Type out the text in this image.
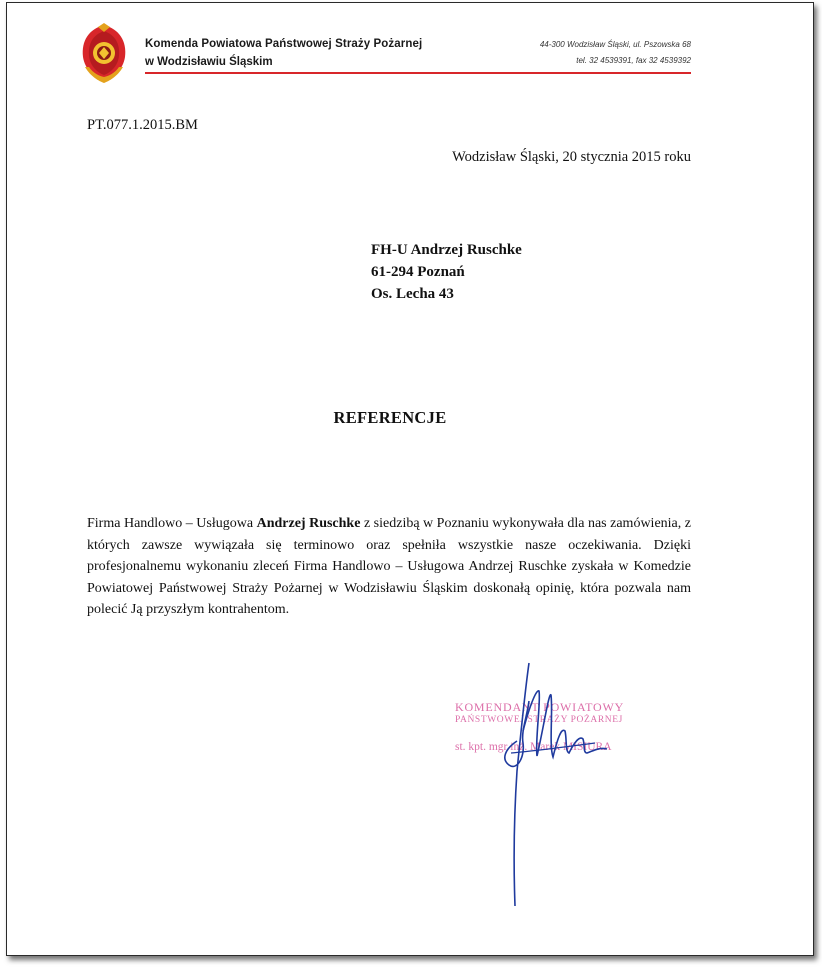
Komenda Powiatowa Państwowej Straży Pożarnej
w Wodzisławiu Śląskim
44-300 Wodzisław Śląski, ul. Pszowska 68
tel. 32 4539391, fax 32 4539392
PT.077.1.2015.BM
Wodzisław Śląski, 20 stycznia 2015 roku
FH-U Andrzej Ruschke
61-294 Poznań
Os. Lecha 43
REFERENCJE
Firma Handlowo – Usługowa Andrzej Ruschke z siedzibą w Poznaniu wykonywała dla nas zamówienia, z których zawsze wywiązała się terminowo oraz spełniła wszystkie nasze oczekiwania. Dzięki profesjonalnemu wykonaniu zleceń Firma Handlowo – Usługowa Andrzej Ruschke zyskała w Komedzie Powiatowej Państwowej Straży Pożarnej w Wodzisławiu Śląskim doskonałą opinię, która pozwala nam polecić Ją przyszłym kontrahentom.
KOMENDANT POWIATOWY
PAŃSTWOWEJ STRAŻY POŻARNEJ
st. kpt. mgr inż. Marek MISIURA
